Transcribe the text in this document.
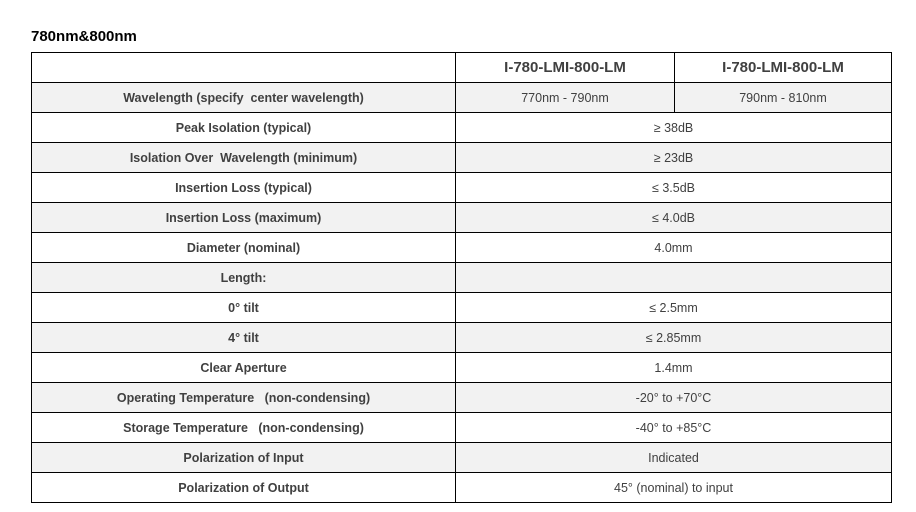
780nm&800nm
	I-780-LMI-800-LM	I-780-LMI-800-LM
Wavelength (specify  center wavelength)	770nm - 790nm	790nm - 810nm
Peak Isolation (typical)	≥ 38dB	
Isolation Over  Wavelength (minimum)	≥ 23dB	
Insertion Loss (typical)	≤ 3.5dB	
Insertion Loss (maximum)	≤ 4.0dB	
Diameter (nominal)	4.0mm	
Length:		
0° tilt	≤ 2.5mm	
4° tilt	≤ 2.85mm	
Clear Aperture	1.4mm	
Operating Temperature   (non-condensing)	-20° to +70°C	
Storage Temperature   (non-condensing)	-40° to +85°C	
Polarization of Input	Indicated	
Polarization of Output	45° (nominal) to input	
